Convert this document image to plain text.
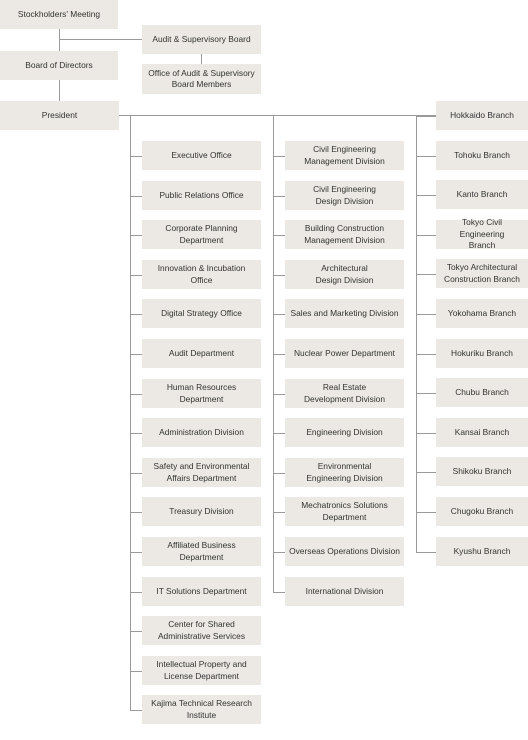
Stockholders' Meeting
Board of Directors
Audit & Supervisory Board
Office of Audit & Supervisory
Board Members
President
Executive Office
Public Relations Office
Corporate Planning
Department
Innovation & Incubation
Office
Digital Strategy Office
Audit Department
Human Resources
Department
Administration Division
Safety and Environmental
Affairs Department
Treasury Division
Affiliated Business
Department
IT Solutions Department
Center for Shared
Administrative Services
Intellectual Property and
License Department
Kajima Technical Research
Institute
Civil Engineering
Management Division
Civil Engineering
Design Division
Building Construction
Management Division
Architectural
Design Division
Sales and Marketing Division
Nuclear Power Department
Real Estate
Development Division
Engineering Division
Environmental
Engineering Division
Mechatronics Solutions
Department
Overseas Operations Division
International Division
Hokkaido Branch
Tohoku Branch
Kanto Branch
Tokyo Civil Engineering
Branch
Tokyo Architectural
Construction Branch
Yokohama Branch
Hokuriku Branch
Chubu Branch
Kansai Branch
Shikoku Branch
Chugoku Branch
Kyushu Branch
